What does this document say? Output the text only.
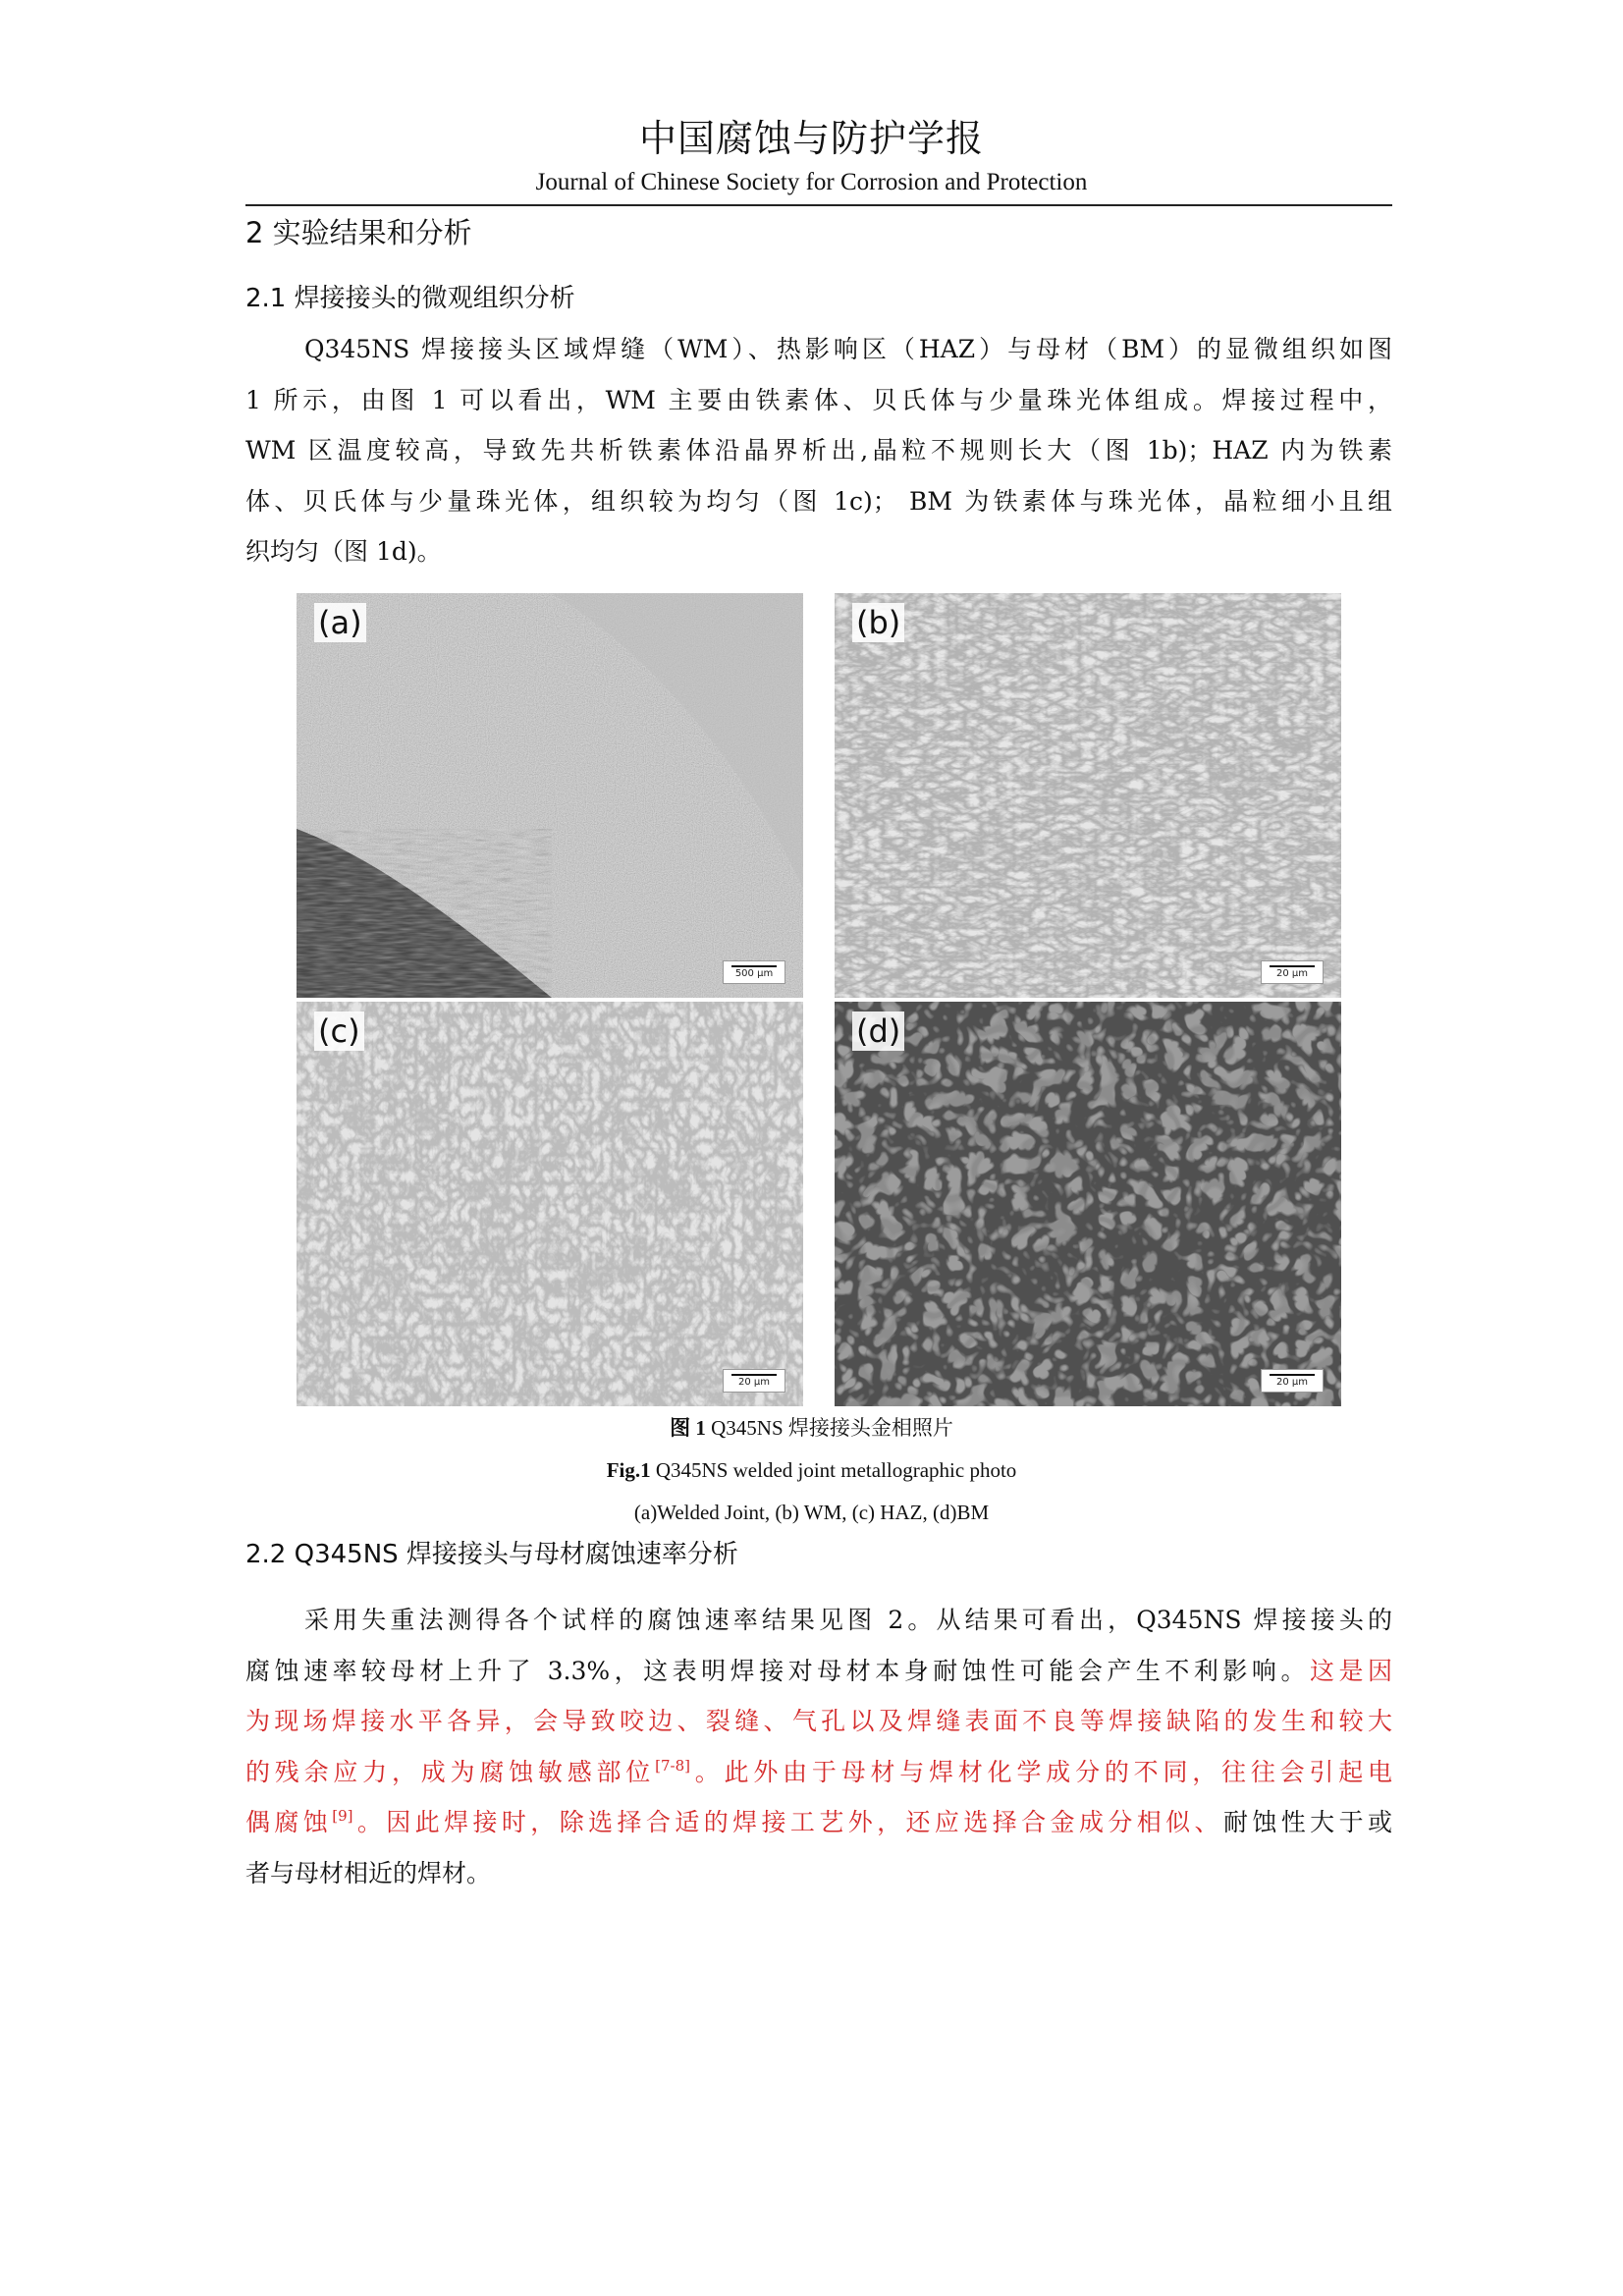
中国腐蚀与防护学报
Journal of Chinese Society for Corrosion and Protection
2 实验结果和分析
2.1 焊接接头的微观组织分析
Q345NS 焊接接头区域焊缝（WM）、热影响区（HAZ）与母材（BM）的显微组织如图
1 所示，由图 1 可以看出，WM 主要由铁素体、贝氏体与少量珠光体组成。焊接过程中，
WM 区温度较高，导致先共析铁素体沿晶界析出,晶粒不规则长大（图 1b)；HAZ 内为铁素
体、贝氏体与少量珠光体，组织较为均匀（图 1c)； BM 为铁素体与珠光体，晶粒细小且组
织均匀（图 1d)。
(a)
500 μm
(b)
20 μm
(c)
20 μm
(d)
20 μm
图 1 Q345NS 焊接接头金相照片
Fig.1 Q345NS welded joint metallographic photo
(a)Welded Joint, (b) WM, (c) HAZ, (d)BM
2.2 Q345NS 焊接接头与母材腐蚀速率分析
采用失重法测得各个试样的腐蚀速率结果见图 2。从结果可看出，Q345NS 焊接接头的
腐蚀速率较母材上升了 3.3%，这表明焊接对母材本身耐蚀性可能会产生不利影响。这是因
为现场焊接水平各异，会导致咬边、裂缝、气孔以及焊缝表面不良等焊接缺陷的发生和较大
的残余应力，成为腐蚀敏感部位[7-8]。此外由于母材与焊材化学成分的不同，往往会引起电
偶腐蚀[9]。因此焊接时，除选择合适的焊接工艺外，还应选择合金成分相似、耐蚀性大于或
者与母材相近的焊材。
